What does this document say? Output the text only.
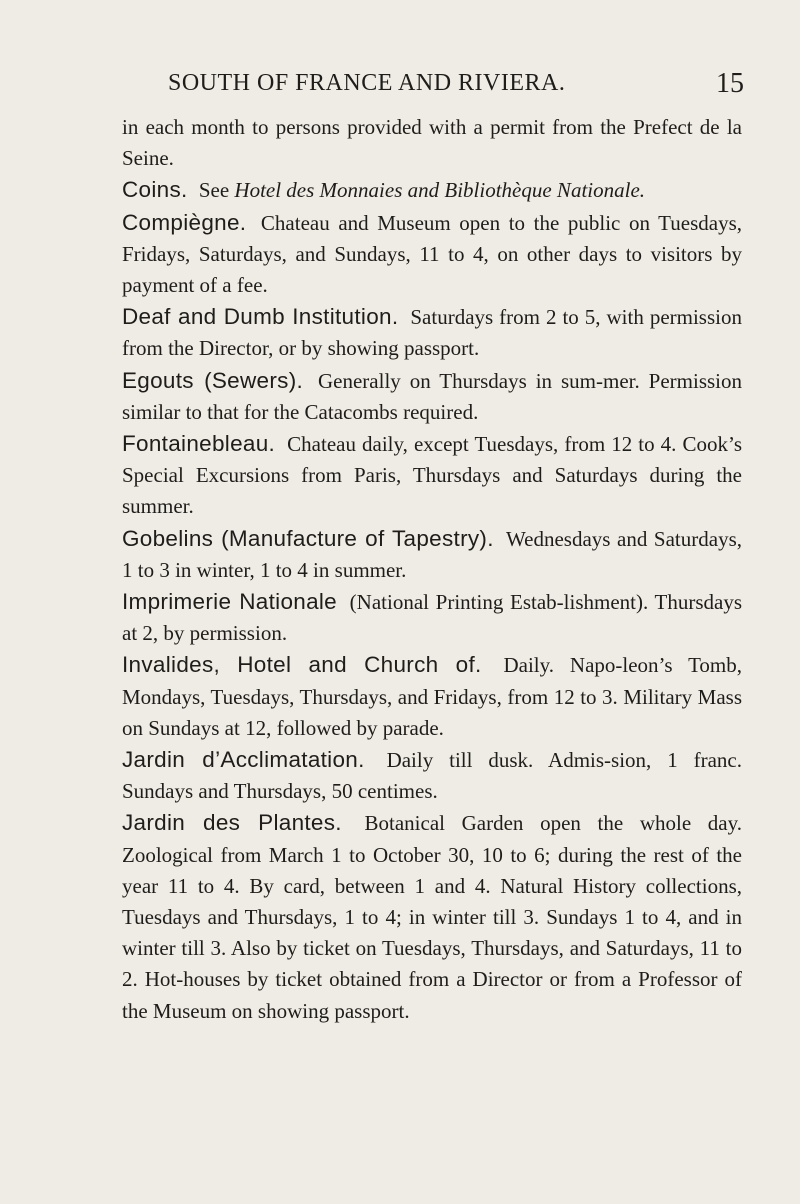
SOUTH OF FRANCE AND RIVIERA.	15

in each month to persons provided with a permit from the Prefect de la Seine.

Coins. See Hotel des Monnaies and Bibliothèque Nationale.

Compiègne. Chateau and Museum open to the public on Tuesdays, Fridays, Saturdays, and Sundays, 11 to 4, on other days to visitors by payment of a fee.

Deaf and Dumb Institution. Saturdays from 2 to 5, with permission from the Director, or by showing passport.

Egouts (Sewers). Generally on Thursdays in sum-mer. Permission similar to that for the Catacombs required.

Fontainebleau. Chateau daily, except Tuesdays, from 12 to 4. Cook’s Special Excursions from Paris, Thursdays and Saturdays during the summer.

Gobelins (Manufacture of Tapestry). Wednesdays and Saturdays, 1 to 3 in winter, 1 to 4 in summer.

Imprimerie Nationale (National Printing Estab-lishment). Thursdays at 2, by permission.

Invalides, Hotel and Church of. Daily. Napo-leon’s Tomb, Mondays, Tuesdays, Thursdays, and Fridays, from 12 to 3. Military Mass on Sundays at 12, followed by parade.

Jardin d’Acclimatation. Daily till dusk. Admis-sion, 1 franc. Sundays and Thursdays, 50 centimes.

Jardin des Plantes. Botanical Garden open the whole day. Zoological from March 1 to October 30, 10 to 6; during the rest of the year 11 to 4. By card, between 1 and 4. Natural History collections, Tuesdays and Thursdays, 1 to 4; in winter till 3. Sundays 1 to 4, and in winter till 3. Also by ticket on Tuesdays, Thursdays, and Saturdays, 11 to 2. Hot-houses by ticket obtained from a Director or from a Professor of the Museum on showing passport.
